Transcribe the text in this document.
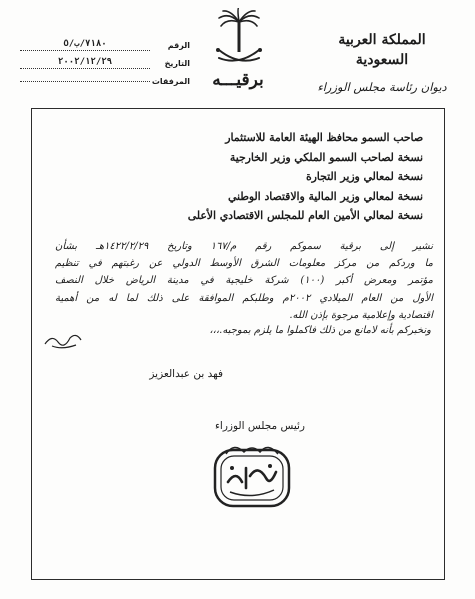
المملكة العربية السعودية
ديوان رئاسة مجلس الوزراء
برقيـــه
الرقم
٧١٨٠/ب/٥
التاريخ
٢٠٠٢/١٢/٢٩
المرفقات
صاحب السمو محافظ الهيئة العامة للاستثمار
نسخة لصاحب السمو الملكي وزير الخارجية
نسخة لمعالي وزير التجارة
نسخة لمعالي وزير المالية والاقتصاد الوطني
نسخة لمعالي الأمين العام للمجلس الاقتصادي الأعلى
نشير إلى برقية سموكم رقم م/١٦٧ وتاريخ ١٤٢٢/٢/٢٩هـ بشأن
ما وردكم من مركز معلومات الشرق الأوسط الدولي عن رغبتهم في تنظيم
مؤتمر ومعرض أكبر (١٠٠) شركة خليجية في مدينة الرياض خلال النصف
الأول من العام الميلادي ٢٠٠٢م وطلبكم الموافقة على ذلك لما له من أهمية
اقتصادية وإعلامية مرجوة بإذن الله.
ونخبركم بأنه لامانع من ذلك فاكملوا ما يلزم بموجبه.،،،
فهد بن عبدالعزيز
رئيس مجلس الوزراء
